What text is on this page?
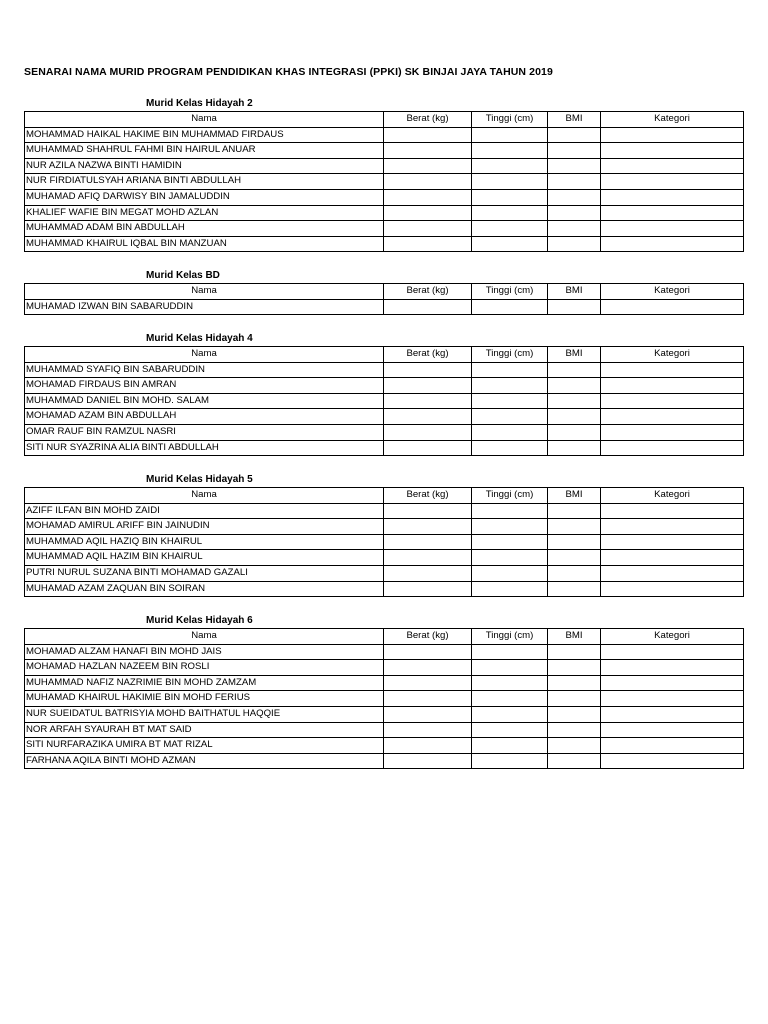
SENARAI NAMA MURID PROGRAM PENDIDIKAN KHAS INTEGRASI (PPKI) SK BINJAI JAYA TAHUN 2019
Murid Kelas Hidayah 2
Nama	Berat (kg)	Tinggi (cm)	BMI	Kategori
MOHAMMAD HAIKAL HAKIME BIN MUHAMMAD FIRDAUS				
MUHAMMAD SHAHRUL FAHMI BIN HAIRUL ANUAR				
NUR AZILA NAZWA BINTI HAMIDIN				
NUR FIRDIATULSYAH ARIANA BINTI ABDULLAH				
MUHAMAD AFIQ DARWISY BIN JAMALUDDIN				
KHALIEF WAFIE BIN MEGAT MOHD AZLAN				
MUHAMMAD ADAM BIN ABDULLAH				
MUHAMMAD KHAIRUL IQBAL BIN MANZUAN				
Murid Kelas BD
Nama	Berat (kg)	Tinggi (cm)	BMI	Kategori
MUHAMAD IZWAN BIN SABARUDDIN				
Murid Kelas Hidayah 4
Nama	Berat (kg)	Tinggi (cm)	BMI	Kategori
MUHAMMAD SYAFIQ BIN SABARUDDIN				
MOHAMAD FIRDAUS BIN AMRAN				
MUHAMMAD DANIEL BIN MOHD. SALAM				
MOHAMAD AZAM BIN ABDULLAH				
OMAR RAUF BIN RAMZUL NASRI				
SITI NUR SYAZRINA ALIA BINTI ABDULLAH				
Murid Kelas Hidayah 5
Nama	Berat (kg)	Tinggi (cm)	BMI	Kategori
AZIFF ILFAN BIN MOHD ZAIDI				
MOHAMAD AMIRUL ARIFF BIN JAINUDIN				
MUHAMMAD AQIL HAZIQ BIN KHAIRUL				
MUHAMMAD AQIL HAZIM BIN KHAIRUL				
PUTRI NURUL SUZANA BINTI MOHAMAD GAZALI				
MUHAMAD AZAM ZAQUAN BIN SOIRAN				
Murid Kelas Hidayah 6
Nama	Berat (kg)	Tinggi (cm)	BMI	Kategori
MOHAMAD ALZAM HANAFI BIN MOHD JAIS				
MOHAMAD HAZLAN NAZEEM BIN ROSLI				
MUHAMMAD NAFIZ NAZRIMIE BIN MOHD ZAMZAM				
MUHAMAD KHAIRUL HAKIMIE BIN MOHD FERIUS				
NUR SUEIDATUL BATRISYIA MOHD BAITHATUL HAQQIE				
NOR ARFAH SYAURAH BT MAT SAID				
SITI NURFARAZIKA UMIRA BT MAT RIZAL				
FARHANA AQILA BINTI MOHD AZMAN				
